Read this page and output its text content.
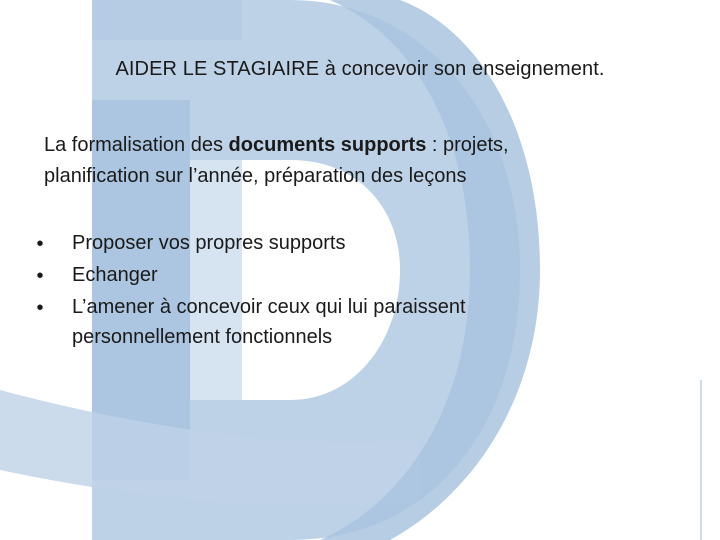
AIDER LE STAGIAIRE à concevoir son enseignement.
La formalisation des documents supports : projets,
planification sur l’année, préparation des leçons
•	Proposer vos propres supports
•	Echanger
•	L’amener à concevoir ceux qui lui paraissent
personnellement fonctionnels
